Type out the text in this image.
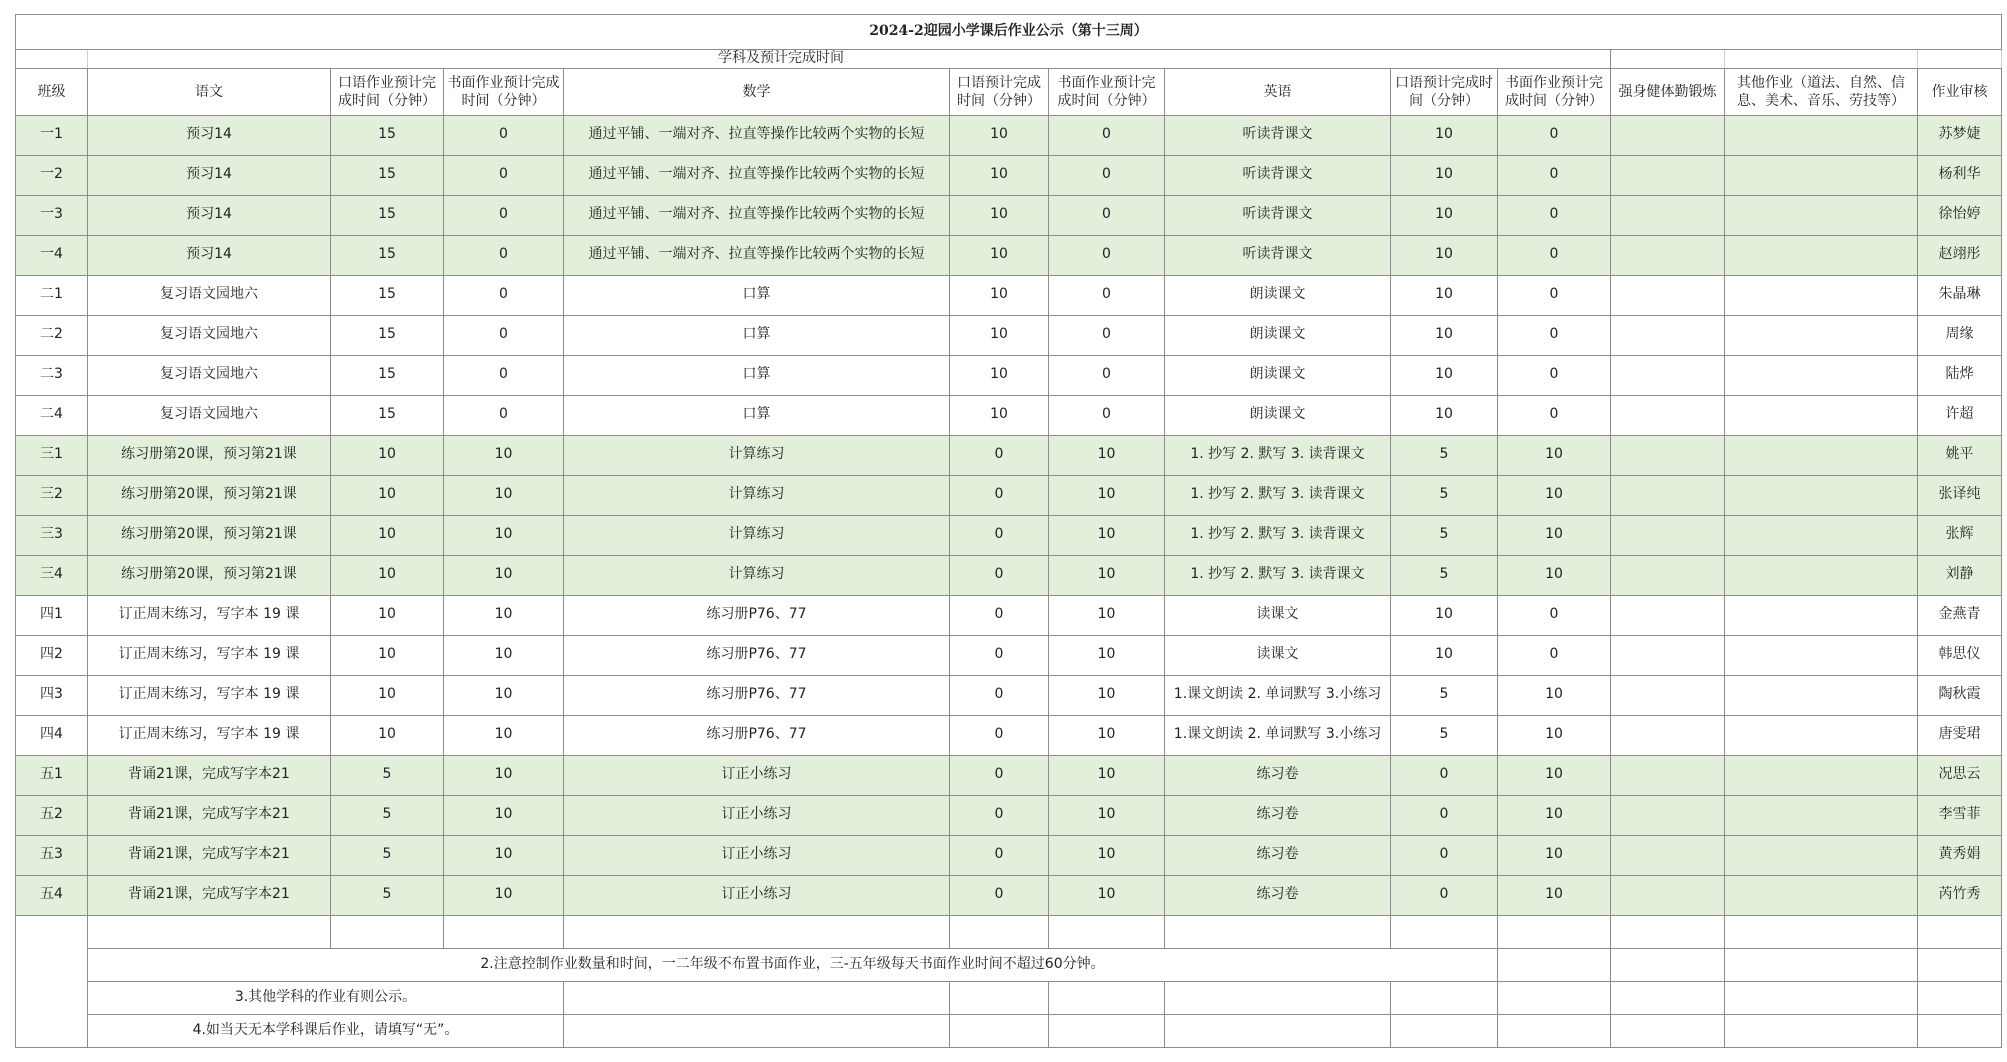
2024-2迎园小学课后作业公示（第十三周）												
	学科及预计完成时间											
班级	语文	口语作业预计完成时间（分钟）	书面作业预计完成时间（分钟）	数学	口语预计完成时间（分钟）	书面作业预计完成时间（分钟）	英语	口语预计完成时间（分钟）	书面作业预计完成时间（分钟）	强身健体勤锻炼	其他作业（道法、自然、信息、美术、音乐、劳技等）	作业审核
一1	预习14	15	0	通过平铺、一端对齐、拉直等操作比较两个实物的长短	10	0	听读背课文	10	0			苏梦婕
一2	预习14	15	0	通过平铺、一端对齐、拉直等操作比较两个实物的长短	10	0	听读背课文	10	0			杨利华
一3	预习14	15	0	通过平铺、一端对齐、拉直等操作比较两个实物的长短	10	0	听读背课文	10	0			徐怡婷
一4	预习14	15	0	通过平铺、一端对齐、拉直等操作比较两个实物的长短	10	0	听读背课文	10	0			赵翊彤
二1	复习语文园地六	15	0	口算	10	0	朗读课文	10	0			朱晶琳
二2	复习语文园地六	15	0	口算	10	0	朗读课文	10	0			周缘
二3	复习语文园地六	15	0	口算	10	0	朗读课文	10	0			陆烨
二4	复习语文园地六	15	0	口算	10	0	朗读课文	10	0			许超
三1	练习册第20课，预习第21课	10	10	计算练习	0	10	1. 抄写 2. 默写 3. 读背课文	5	10			姚平
三2	练习册第20课，预习第21课	10	10	计算练习	0	10	1. 抄写 2. 默写 3. 读背课文	5	10			张译纯
三3	练习册第20课，预习第21课	10	10	计算练习	0	10	1. 抄写 2. 默写 3. 读背课文	5	10			张辉
三4	练习册第20课，预习第21课	10	10	计算练习	0	10	1. 抄写 2. 默写 3. 读背课文	5	10			刘静
四1	订正周末练习，写字本 19 课	10	10	练习册P76、77	0	10	读课文	10	0			金燕青
四2	订正周末练习，写字本 19 课	10	10	练习册P76、77	0	10	读课文	10	0			韩思仪
四3	订正周末练习，写字本 19 课	10	10	练习册P76、77	0	10	1.课文朗读 2. 单词默写 3.小练习	5	10			陶秋霞
四4	订正周末练习，写字本 19 课	10	10	练习册P76、77	0	10	1.课文朗读 2. 单词默写 3.小练习	5	10			唐雯珺
五1	背诵21课，完成写字本21	5	10	订正小练习	0	10	练习卷	0	10			况思云
五2	背诵21课，完成写字本21	5	10	订正小练习	0	10	练习卷	0	10			李雪菲
五3	背诵21课，完成写字本21	5	10	订正小练习	0	10	练习卷	0	10			黄秀娟
五4	背诵21课，完成写字本21	5	10	订正小练习	0	10	练习卷	0	10			芮竹秀

	2.注意控制作业数量和时间，一二年级不布置书面作业，三-五年级每天书面作业时间不超过60分钟。											
	3.其他学科的作业有则公示。											
	4.如当天无本学科课后作业，请填写“无”。											
